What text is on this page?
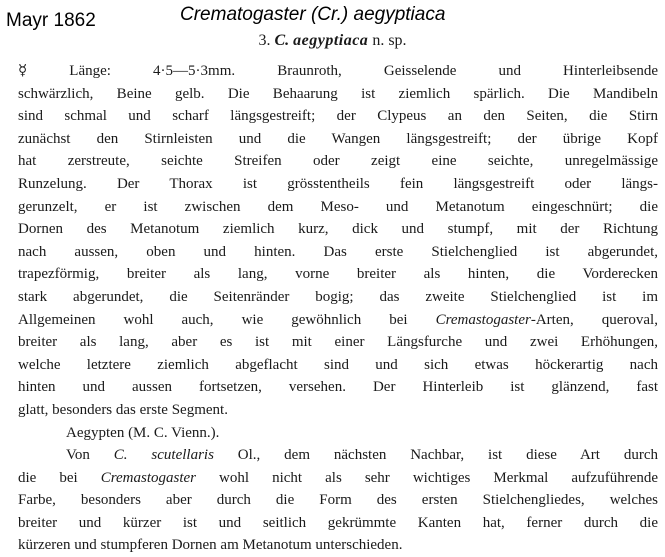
Mayr 1862	Crematogaster (Cr.) aegyptiaca
3. C. aegyptiaca n. sp.
☿ Länge: 4·5—5·3mm. Braunroth, Geisselende und Hinterleibsende
schwärzlich, Beine gelb. Die Behaarung ist ziemlich spärlich. Die Mandibeln
sind schmal und scharf längsgestreift; der Clypeus an den Seiten, die Stirn
zunächst den Stirnleisten und die Wangen längsgestreift; der übrige Kopf
hat zerstreute, seichte Streifen oder zeigt eine seichte, unregelmässige
Runzelung. Der Thorax ist grösstentheils fein längsgestreift oder längs-
gerunzelt, er ist zwischen dem Meso- und Metanotum eingeschnürt; die
Dornen des Metanotum ziemlich kurz, dick und stumpf, mit der Richtung
nach aussen, oben und hinten. Das erste Stielchenglied ist abgerundet,
trapezförmig, breiter als lang, vorne breiter als hinten, die Vorderecken
stark abgerundet, die Seitenränder bogig; das zweite Stielchenglied ist im
Allgemeinen wohl auch, wie gewöhnlich bei Cremastogaster-Arten, queroval,
breiter als lang, aber es ist mit einer Längsfurche und zwei Erhöhungen,
welche letztere ziemlich abgeflacht sind und sich etwas höckerartig nach
hinten und aussen fortsetzen, versehen. Der Hinterleib ist glänzend, fast
glatt, besonders das erste Segment.
Aegypten (M. C. Vienn.).
Von C. scutellaris Ol., dem nächsten Nachbar, ist diese Art durch
die bei Cremastogaster wohl nicht als sehr wichtiges Merkmal aufzuführende
Farbe, besonders aber durch die Form des ersten Stielchengliedes, welches
breiter und kürzer ist und seitlich gekrümmte Kanten hat, ferner durch die
kürzeren und stumpferen Dornen am Metanotum unterschieden.
